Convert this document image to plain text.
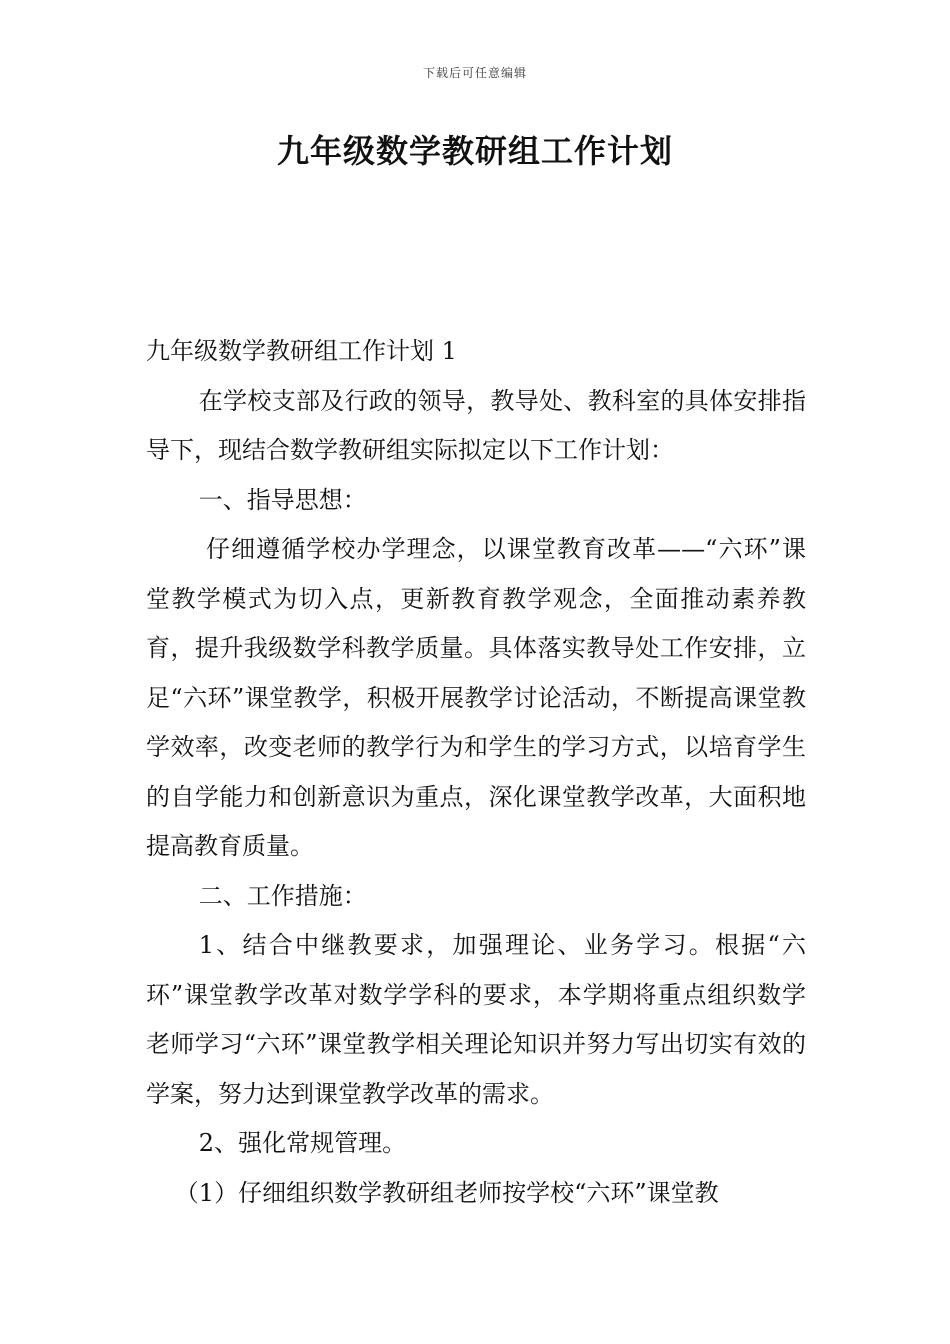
下载后可任意编辑
九年级数学教研组工作计划

九年级数学教研组工作计划 1

在学校支部及行政的领导，教导处、教科室的具体安排指导下，现结合数学教研组实际拟定以下工作计划：

一、指导思想：

仔细遵循学校办学理念，以课堂教育改革——“六环”课堂教学模式为切入点，更新教育教学观念，全面推动素养教育，提升我级数学科教学质量。具体落实教导处工作安排，立足“六环”课堂教学，积极开展教学讨论活动，不断提高课堂教学效率，改变老师的教学行为和学生的学习方式，以培育学生的自学能力和创新意识为重点，深化课堂教学改革，大面积地提高教育质量。

二、工作措施：

1、结合中继教要求，加强理论、业务学习。根据“六环”课堂教学改革对数学学科的要求，本学期将重点组织数学老师学习“六环”课堂教学相关理论知识并努力写出切实有效的学案，努力达到课堂教学改革的需求。

2、强化常规管理。

（1）仔细组织数学教研组老师按学校“六环”课堂教
